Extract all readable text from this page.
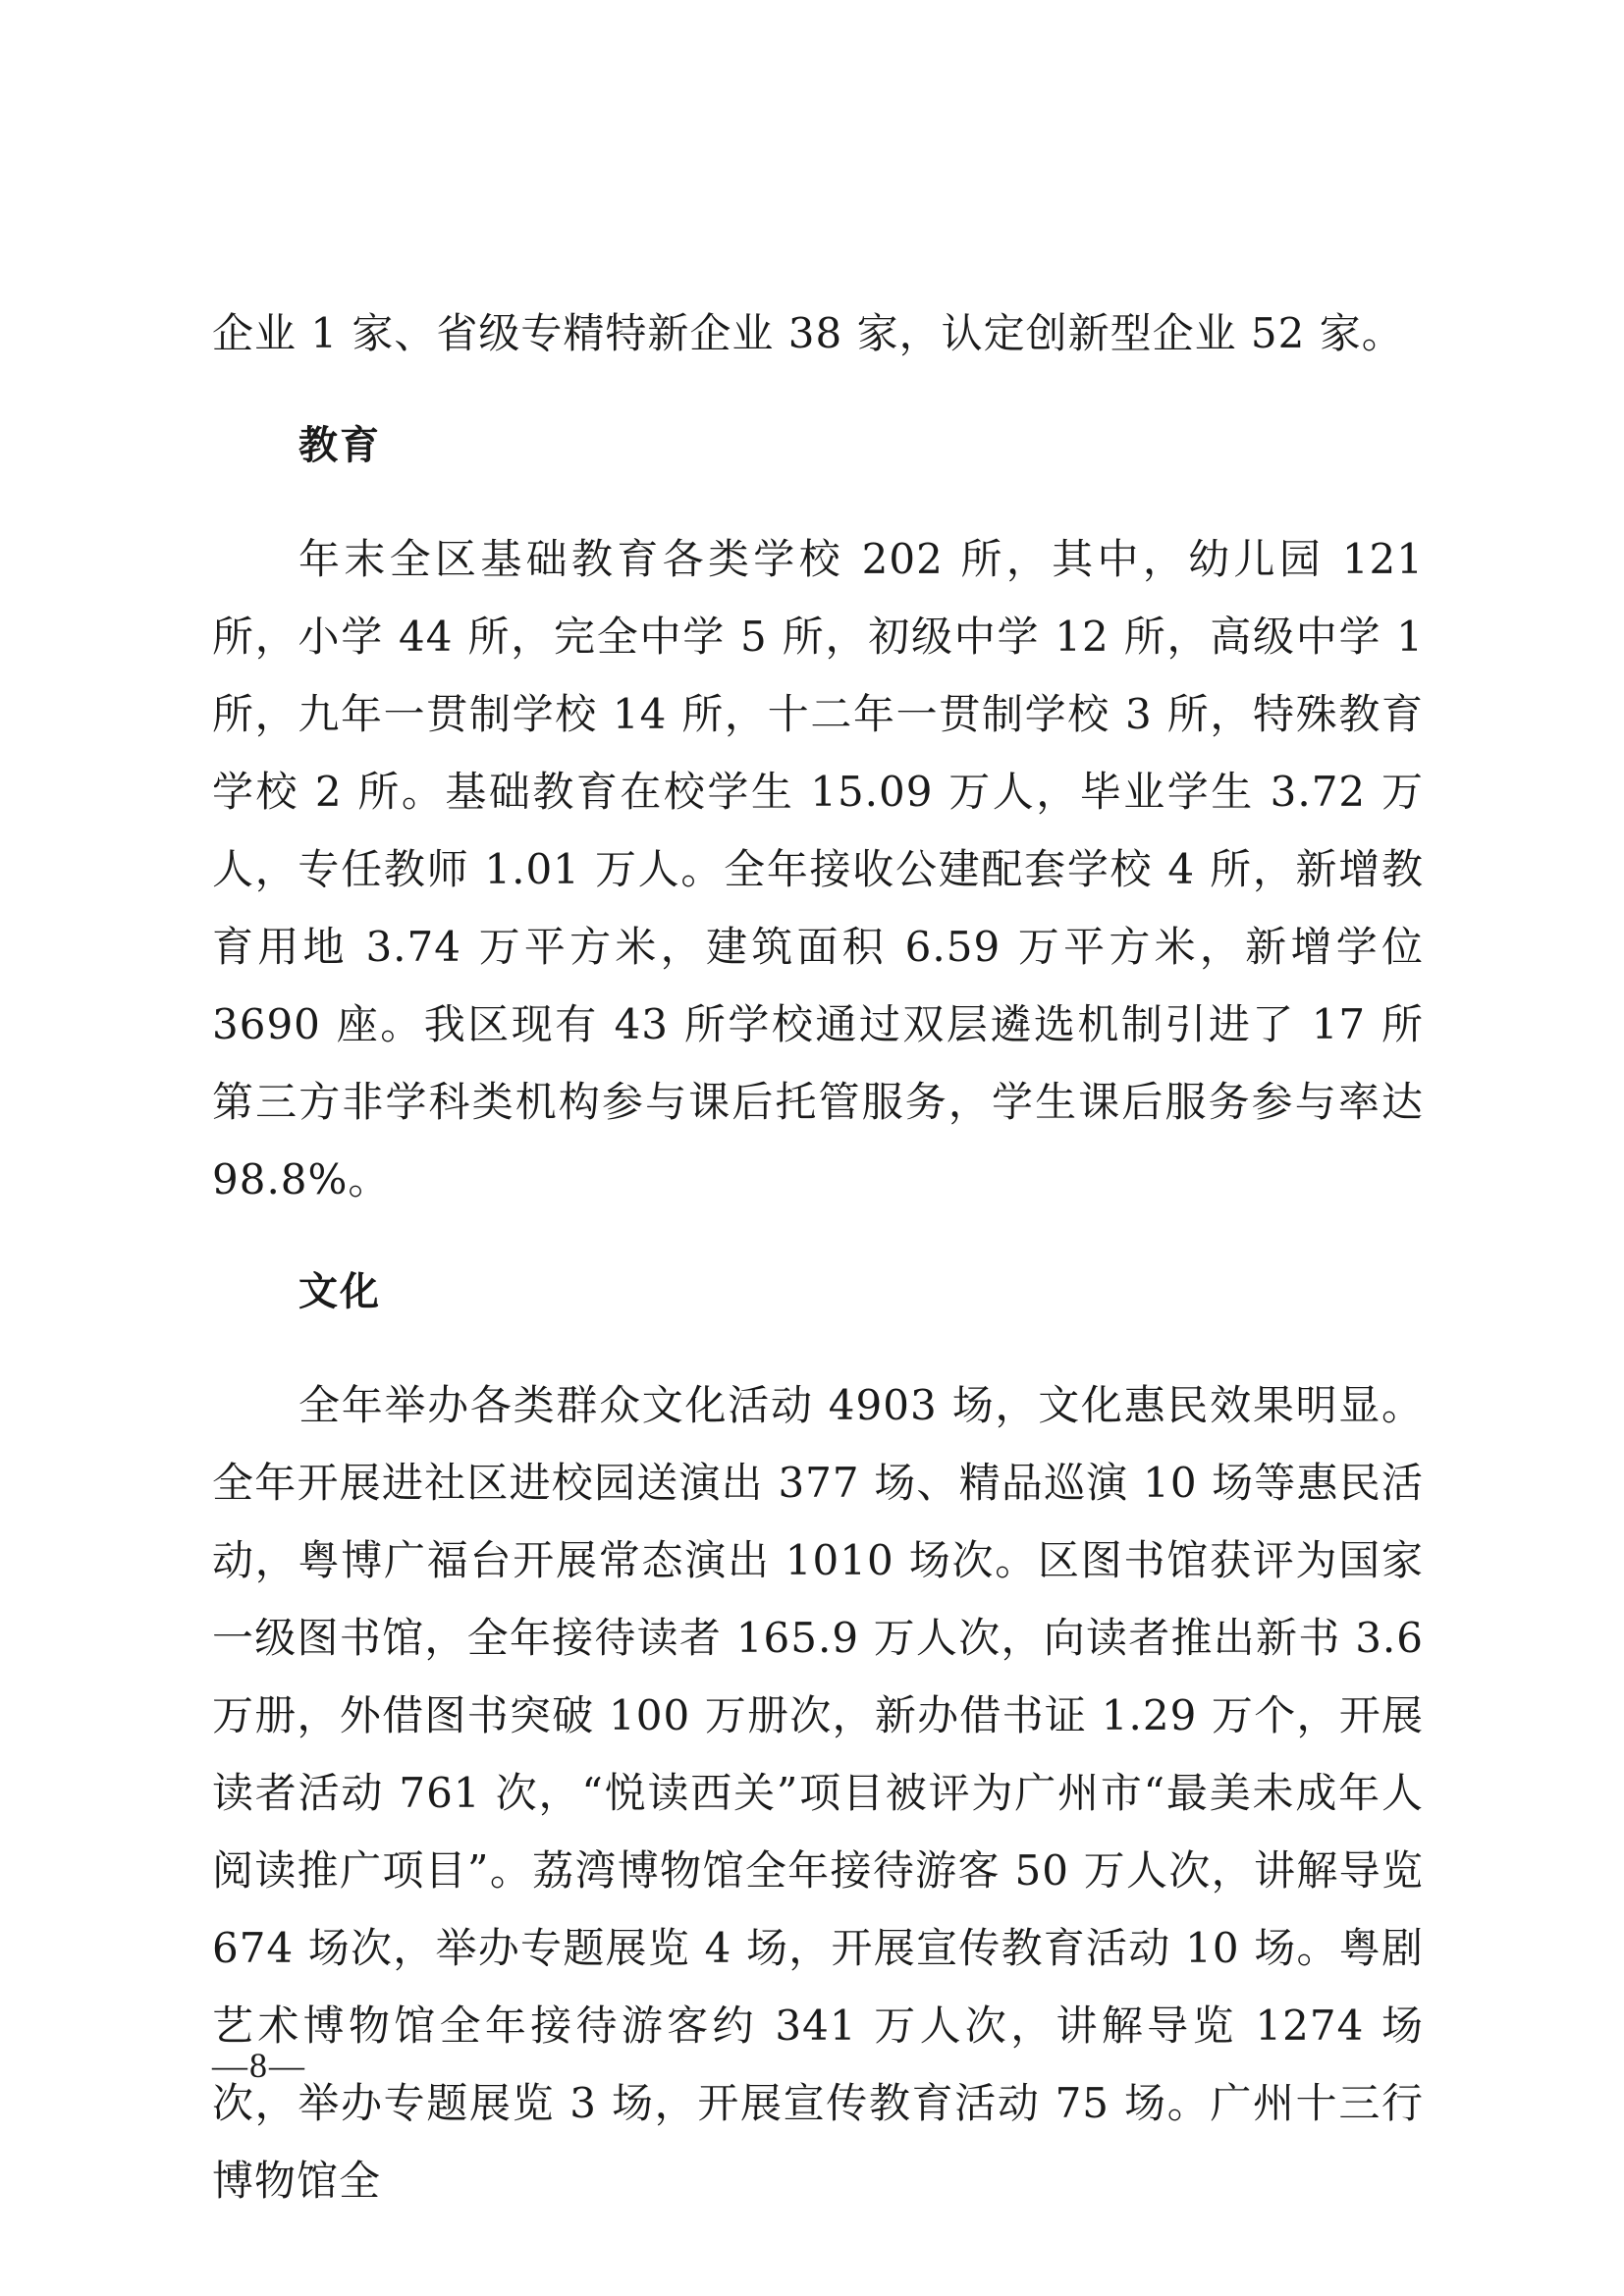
企业 1 家、省级专精特新企业 38 家，认定创新型企业 52 家。

教育

年末全区基础教育各类学校 202 所，其中，幼儿园 121 所，小学 44 所，完全中学 5 所，初级中学 12 所，高级中学 1 所，九年一贯制学校 14 所，十二年一贯制学校 3 所，特殊教育学校 2 所。基础教育在校学生 15.09 万人，毕业学生 3.72 万人，专任教师 1.01 万人。全年接收公建配套学校 4 所，新增教育用地 3.74 万平方米，建筑面积 6.59 万平方米，新增学位 3690 座。我区现有 43 所学校通过双层遴选机制引进了 17 所第三方非学科类机构参与课后托管服务，学生课后服务参与率达 98.8%。

文化

全年举办各类群众文化活动 4903 场，文化惠民效果明显。全年开展进社区进校园送演出 377 场、精品巡演 10 场等惠民活动，粤博广福台开展常态演出 1010 场次。区图书馆获评为国家一级图书馆，全年接待读者 165.9 万人次，向读者推出新书 3.6 万册，外借图书突破 100 万册次，新办借书证 1.29 万个，开展读者活动 761 次，“悦读西关”项目被评为广州市“最美未成年人阅读推广项目”。荔湾博物馆全年接待游客 50 万人次，讲解导览 674 场次，举办专题展览 4 场，开展宣传教育活动 10 场。粤剧艺术博物馆全年接待游客约 341 万人次，讲解导览 1274 场次，举办专题展览 3 场，开展宣传教育活动 75 场。广州十三行博物馆全

—8—
